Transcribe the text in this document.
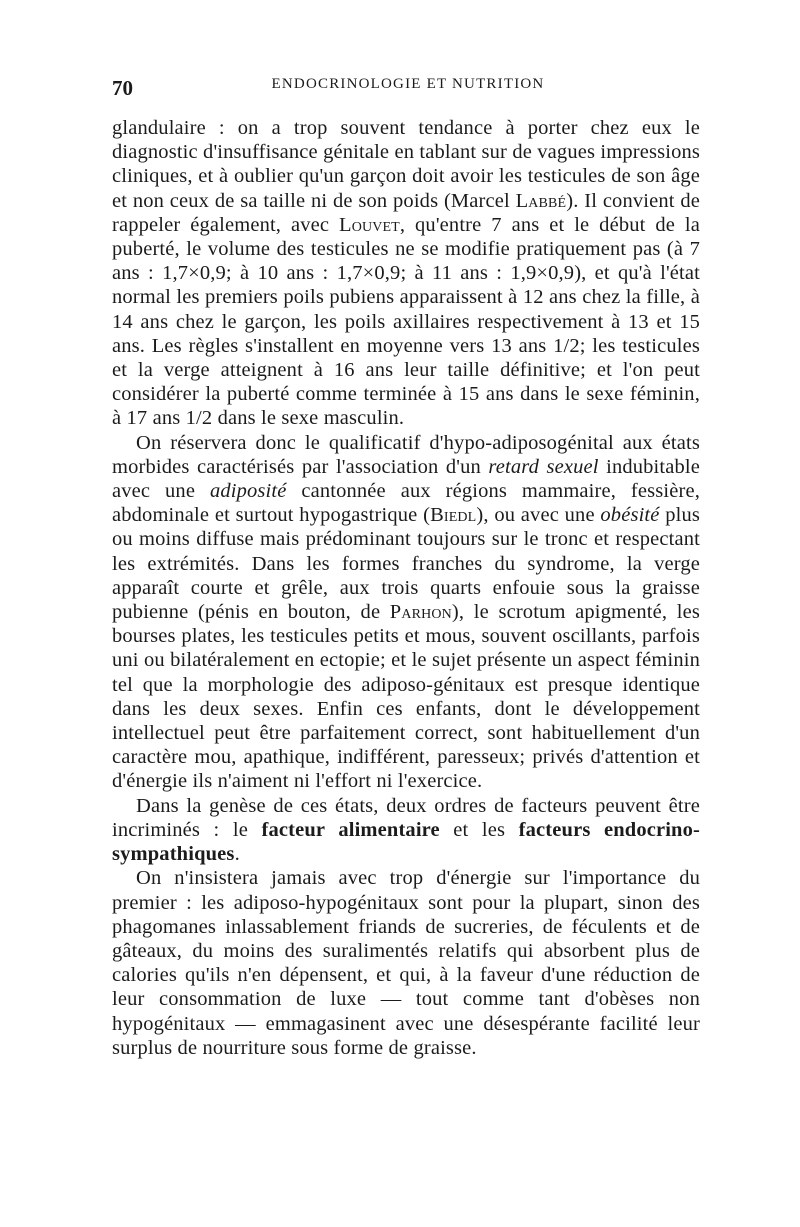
70	ENDOCRINOLOGIE ET NUTRITION

glandulaire : on a trop souvent tendance à porter chez eux le diagnostic d'insuffisance génitale en tablant sur de vagues impressions cliniques, et à oublier qu'un garçon doit avoir les testicules de son âge et non ceux de sa taille ni de son poids (Marcel Labbé). Il convient de rappeler également, avec Louvet, qu'entre 7 ans et le début de la puberté, le volume des testicules ne se modifie pratiquement pas (à 7 ans : 1,7×0,9; à 10 ans : 1,7×0,9; à 11 ans : 1,9×0,9), et qu'à l'état normal les premiers poils pubiens apparaissent à 12 ans chez la fille, à 14 ans chez le garçon, les poils axillaires respectivement à 13 et 15 ans. Les règles s'installent en moyenne vers 13 ans 1/2; les testicules et la verge atteignent à 16 ans leur taille définitive; et l'on peut considérer la puberté comme terminée à 15 ans dans le sexe féminin, à 17 ans 1/2 dans le sexe masculin.

On réservera donc le qualificatif d'hypo-adiposogénital aux états morbides caractérisés par l'association d'un retard sexuel indubitable avec une adiposité cantonnée aux régions mammaire, fessière, abdominale et surtout hypogastrique (Biedl), ou avec une obésité plus ou moins diffuse mais prédominant toujours sur le tronc et respectant les extrémités. Dans les formes franches du syndrome, la verge apparaît courte et grêle, aux trois quarts enfouie sous la graisse pubienne (pénis en bouton, de Parhon), le scrotum apigmenté, les bourses plates, les testicules petits et mous, souvent oscillants, parfois uni ou bilatéralement en ectopie; et le sujet présente un aspect féminin tel que la morphologie des adiposo-génitaux est presque identique dans les deux sexes. Enfin ces enfants, dont le développement intellectuel peut être parfaitement correct, sont habituellement d'un caractère mou, apathique, indifférent, paresseux; privés d'attention et d'énergie ils n'aiment ni l'effort ni l'exercice.

Dans la genèse de ces états, deux ordres de facteurs peuvent être incriminés : le facteur alimentaire et les facteurs endocrino-sympathiques.

On n'insistera jamais avec trop d'énergie sur l'importance du premier : les adiposo-hypogénitaux sont pour la plupart, sinon des phagomanes inlassablement friands de sucreries, de féculents et de gâteaux, du moins des suralimentés relatifs qui absorbent plus de calories qu'ils n'en dépensent, et qui, à la faveur d'une réduction de leur consommation de luxe — tout comme tant d'obèses non hypogénitaux — emmagasinent avec une désespérante facilité leur surplus de nourriture sous forme de graisse.
